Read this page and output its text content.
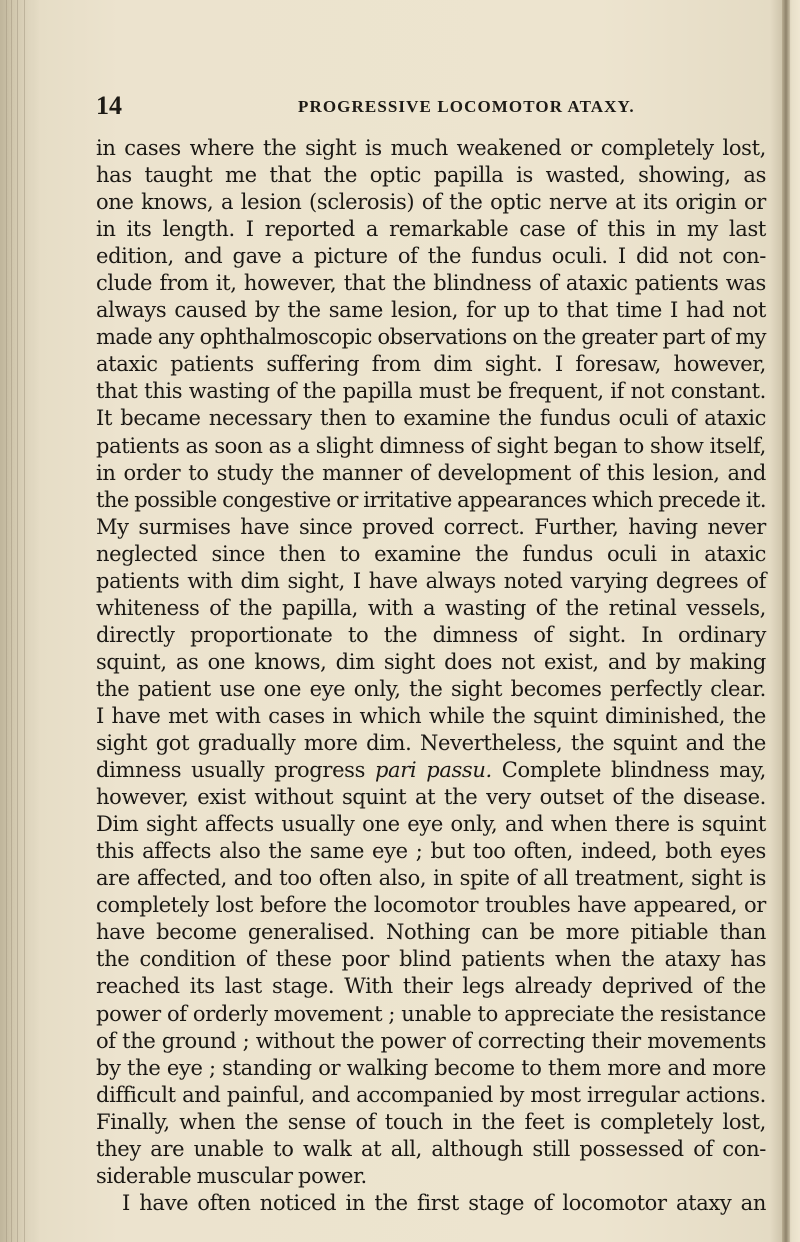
14	PROGRESSIVE LOCOMOTOR ATAXY.
in cases where the sight is much weakened or completely lost,
has taught me that the optic papilla is wasted, showing, as
one knows, a lesion (sclerosis) of the optic nerve at its origin or
in its length. I reported a remarkable case of this in my last
edition, and gave a picture of the fundus oculi. I did not con-
clude from it, however, that the blindness of ataxic patients was
always caused by the same lesion, for up to that time I had not
made any ophthalmoscopic observations on the greater part of my
ataxic patients suffering from dim sight. I foresaw, however,
that this wasting of the papilla must be frequent, if not constant.
It became necessary then to examine the fundus oculi of ataxic
patients as soon as a slight dimness of sight began to show itself,
in order to study the manner of development of this lesion, and
the possible congestive or irritative appearances which precede it.
My surmises have since proved correct. Further, having never
neglected since then to examine the fundus oculi in ataxic
patients with dim sight, I have always noted varying degrees of
whiteness of the papilla, with a wasting of the retinal vessels,
directly proportionate to the dimness of sight. In ordinary
squint, as one knows, dim sight does not exist, and by making
the patient use one eye only, the sight becomes perfectly clear.
I have met with cases in which while the squint diminished, the
sight got gradually more dim. Nevertheless, the squint and the
dimness usually progress pari passu. Complete blindness may,
however, exist without squint at the very outset of the disease.
Dim sight affects usually one eye only, and when there is squint
this affects also the same eye ; but too often, indeed, both eyes
are affected, and too often also, in spite of all treatment, sight is
completely lost before the locomotor troubles have appeared, or
have become generalised. Nothing can be more pitiable than
the condition of these poor blind patients when the ataxy has
reached its last stage. With their legs already deprived of the
power of orderly movement ; unable to appreciate the resistance
of the ground ; without the power of correcting their movements
by the eye ; standing or walking become to them more and more
difficult and painful, and accompanied by most irregular actions.
Finally, when the sense of touch in the feet is completely lost,
they are unable to walk at all, although still possessed of con-
siderable muscular power.
I have often noticed in the first stage of locomotor ataxy an
